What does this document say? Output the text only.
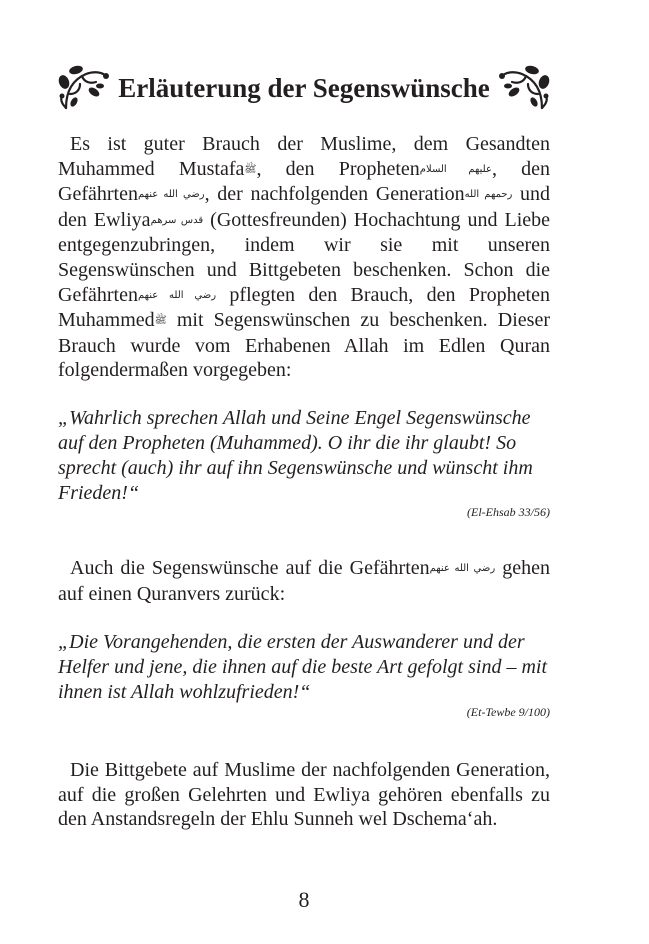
Erläuterung der Segenswünsche

Es ist guter Brauch der Muslime, dem Gesandten Muhammed Mustafaﷺ, den Prophetenعليهم السلام, den Gefährtenرضي الله عنهم, der nachfolgenden Generationرحمهم الله und den Ewliyaقدس سرهم (Gottesfreunden) Hochachtung und Liebe entgegenzubringen, indem wir sie mit unseren Segenswünschen und Bittgebeten beschenken. Schon die Gefährtenرضي الله عنهم pflegten den Brauch, den Propheten Muhammedﷺ mit Segenswünschen zu beschenken. Dieser Brauch wurde vom Erhabenen Allah im Edlen Quran folgendermaßen vorgegeben:

„Wahrlich sprechen Allah und Seine Engel Segenswünsche auf den Propheten (Muhammed). O ihr die ihr glaubt! So sprecht (auch) ihr auf ihn Segenswünsche und wünscht ihm Frieden!“

(El-Ehsab 33/56)

Auch die Segenswünsche auf die Gefährtenرضي الله عنهم gehen auf einen Quranvers zurück:

„Die Vorangehenden, die ersten der Auswanderer und der Helfer und jene, die ihnen auf die beste Art gefolgt sind – mit ihnen ist Allah wohlzufrieden!“

(Et-Tewbe 9/100)

Die Bittgebete auf Muslime der nachfolgenden Generation, auf die großen Gelehrten und Ewliya gehören ebenfalls zu den Anstandsregeln der Ehlu Sunneh wel Dschema‘ah.

8
